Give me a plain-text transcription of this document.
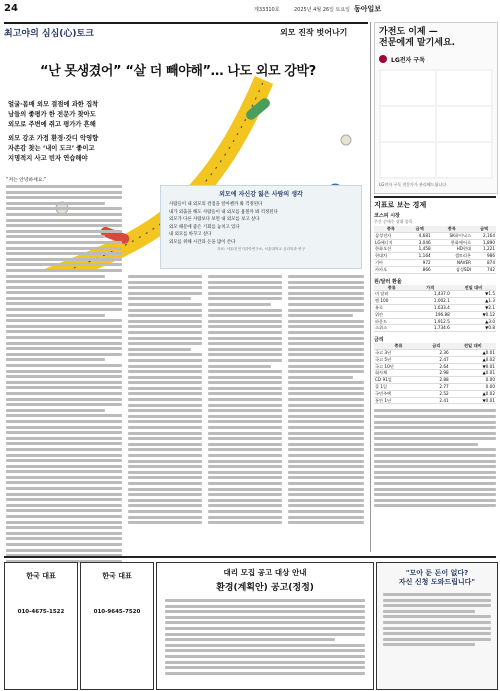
24	제33310호	2025년 4월 26일 토요일 동아일보
최고야의 심심(心)토크	외모 진작 벗어나기
“난 못생겼어” “살 더 빼야해”… 나도 외모 강박?
얼굴·몸매 외모 결점에 과한 집착
남들의 좋평가 한 전문가 찾아도
외모로 주변에 쥐고 평가가 흔해
외모 강조 가정 환경·갓디 악영향
자존감 찾는 ‘내이 도크’ 좋이고
지명적지 사고 빈자 연습해야
외모에 자신감 잃은 사람의 생각
사람들이 내 외모의 결점을 알아챌까 봐 걱정된다
내가 외출을 해도 사람들이 내 외모를 흉볼까 봐 걱정된다
외모가 다른 사람보다 보면 내 외모를 보고 싶다
외모 때문에 좋은 기회를 놓치고 있다
내 외모를 바꾸고 싶다
외모를 위해 시간과 돈을 많이 쓴다
자료: 서울대 인지과학연구소, 서울대학교 심리학과 연구
“저는 안녕하세요.”
가전도 이제 —
전문에게 맡기세요.
LG전자 구독
LG전자 구독 전문가가 관리해드립니다
지표로 보는 경제
코스피 시장
주간 순매수 상위 종목
종목	금액	종목	금액
삼성전자	4,681	SK하이닉스	2,164
LG에너지	3,046	한화에어로	1,890
한화오션	1,458	HD현대	1,221
현대차	1,164	셀트리온	986
기아	972	NAVER	874
카카오	866	삼성SDI	742
원/달러 환율
종류	가격	전일 대비
미 달러	1,437.0	▼1.5
엔 100	1,002.1	▲1.3
유로	1,633.4	▼2.1
위안	196.88	▼0.12
파운드	1,912.5	▲3.0
스위스	1,734.6	▼0.8
금리
종류	금리	전일 대비
국고 3년	2.36	▲0.01
국고 5년	2.47	▲0.02
국고 10년	2.64	▼0.01
회사채	2.98	▲0.01
CD 91일	2.88	0.00
콜 1일	2.77	0.00
국민주택	2.52	▲0.02
통안 1년	2.41	▼0.01
한국 대표
010-4675-1522
한국 대표
010-9645-7520
대리 모집 공고 대상 안내
환경(계획안) 공고(정정)
"모아 둔 돈이 없다?
자신 신청 도와드립니다"
